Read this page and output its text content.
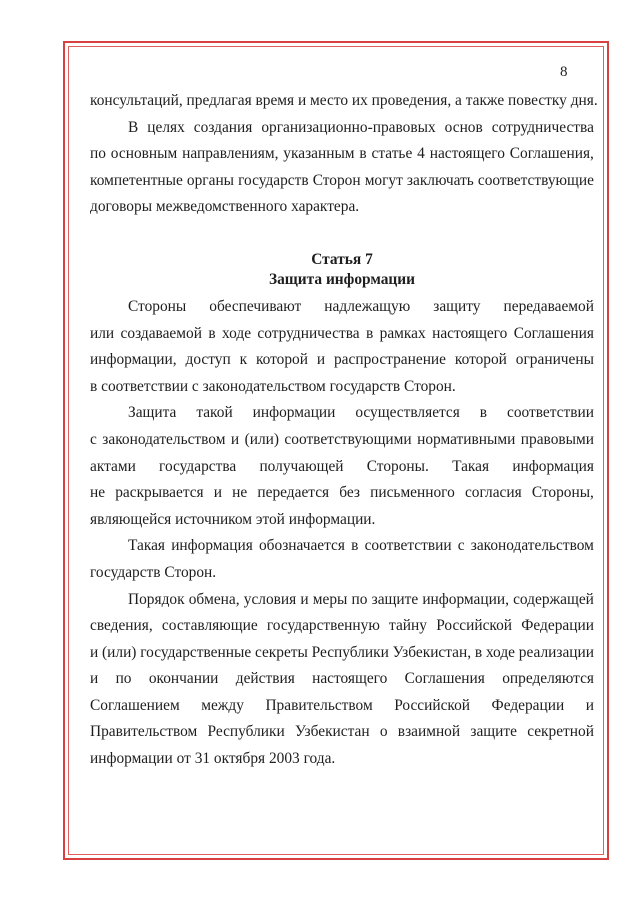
8
консультаций, предлагая время и место их проведения, а также повестку дня.
В целях создания организационно-правовых основ сотрудничества
по основным направлениям, указанным в статье 4 настоящего Соглашения,
компетентные органы государств Сторон могут заключать соответствующие
договоры межведомственного характера.
Статья 7
Защита информации
Стороны обеспечивают надлежащую защиту передаваемой
или создаваемой в ходе сотрудничества в рамках настоящего Соглашения
информации, доступ к которой и распространение которой ограничены
в соответствии с законодательством государств Сторон.
Защита такой информации осуществляется в соответствии
с законодательством и (или) соответствующими нормативными правовыми
актами государства получающей Стороны. Такая информация
не раскрывается и не передается без письменного согласия Стороны,
являющейся источником этой информации.
Такая информация обозначается в соответствии с законодательством
государств Сторон.
Порядок обмена, условия и меры по защите информации, содержащей
сведения, составляющие государственную тайну Российской Федерации
и (или) государственные секреты Республики Узбекистан, в ходе реализации
и по окончании действия настоящего Соглашения определяются
Соглашением между Правительством Российской Федерации и
Правительством Республики Узбекистан о взаимной защите секретной
информации от 31 октября 2003 года.
